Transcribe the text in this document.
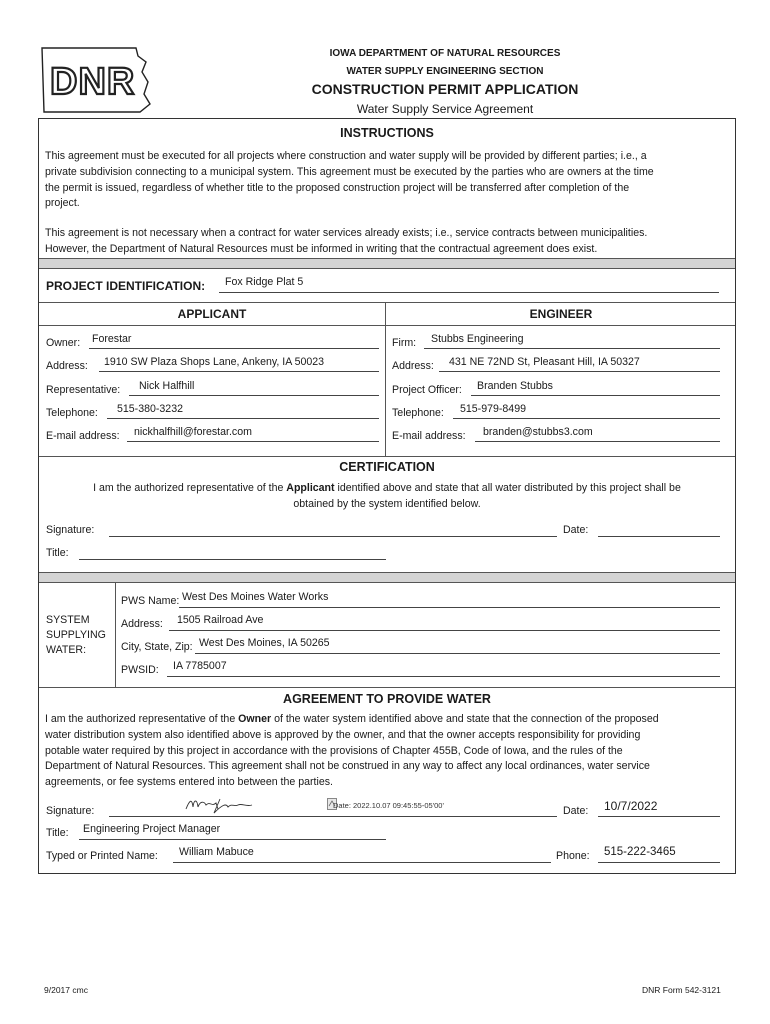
DNR
IOWA DEPARTMENT OF NATURAL RESOURCES
WATER SUPPLY ENGINEERING SECTION
CONSTRUCTION PERMIT APPLICATION
Water Supply Service Agreement
INSTRUCTIONS
This agreement must be executed for all projects where construction and water supply will be provided by different parties; i.e., a
private subdivision connecting to a municipal system. This agreement must be executed by the parties who are owners at the time
the permit is issued, regardless of whether title to the proposed construction project will be transferred after completion of the
project.
This agreement is not necessary when a contract for water services already exists; i.e., service contracts between municipalities.
However, the Department of Natural Resources must be informed in writing that the contractual agreement does exist.
PROJECT IDENTIFICATION: Fox Ridge Plat 5
APPLICANT	ENGINEER
Owner: Forestar
Address: 1910 SW Plaza Shops Lane, Ankeny, IA 50023
Representative: Nick Halfhill
Telephone: 515-380-3232
E-mail address: nickhalfhill@forestar.com
Firm: Stubbs Engineering
Address: 431 NE 72ND St, Pleasant Hill, IA 50327
Project Officer: Branden Stubbs
Telephone: 515-979-8499
E-mail address: branden@stubbs3.com
CERTIFICATION
I am the authorized representative of the Applicant identified above and state that all water distributed by this project shall be
obtained by the system identified below.
Signature:	Date:
Title:
SYSTEM
SUPPLYING
WATER:
PWS Name: West Des Moines Water Works
Address: 1505 Railroad Ave
City, State, Zip: West Des Moines, IA 50265
PWSID: IA 7785007
AGREEMENT TO PROVIDE WATER
I am the authorized representative of the Owner of the water system identified above and state that the connection of the proposed
water distribution system also identified above is approved by the owner, and that the owner accepts responsibility for providing
potable water required by this project in accordance with the provisions of Chapter 455B, Code of Iowa, and the rules of the
Department of Natural Resources. This agreement shall not be construed in any way to affect any local ordinances, water service
agreements, or fee systems entered into between the parties.
Signature:	Date: 2022.10.07 09:45:55-05'00'	Date: 10/7/2022
Title: Engineering Project Manager
Typed or Printed Name: William Mabuce	Phone: 515-222-3465
9/2017 cmc	DNR Form 542-3121
